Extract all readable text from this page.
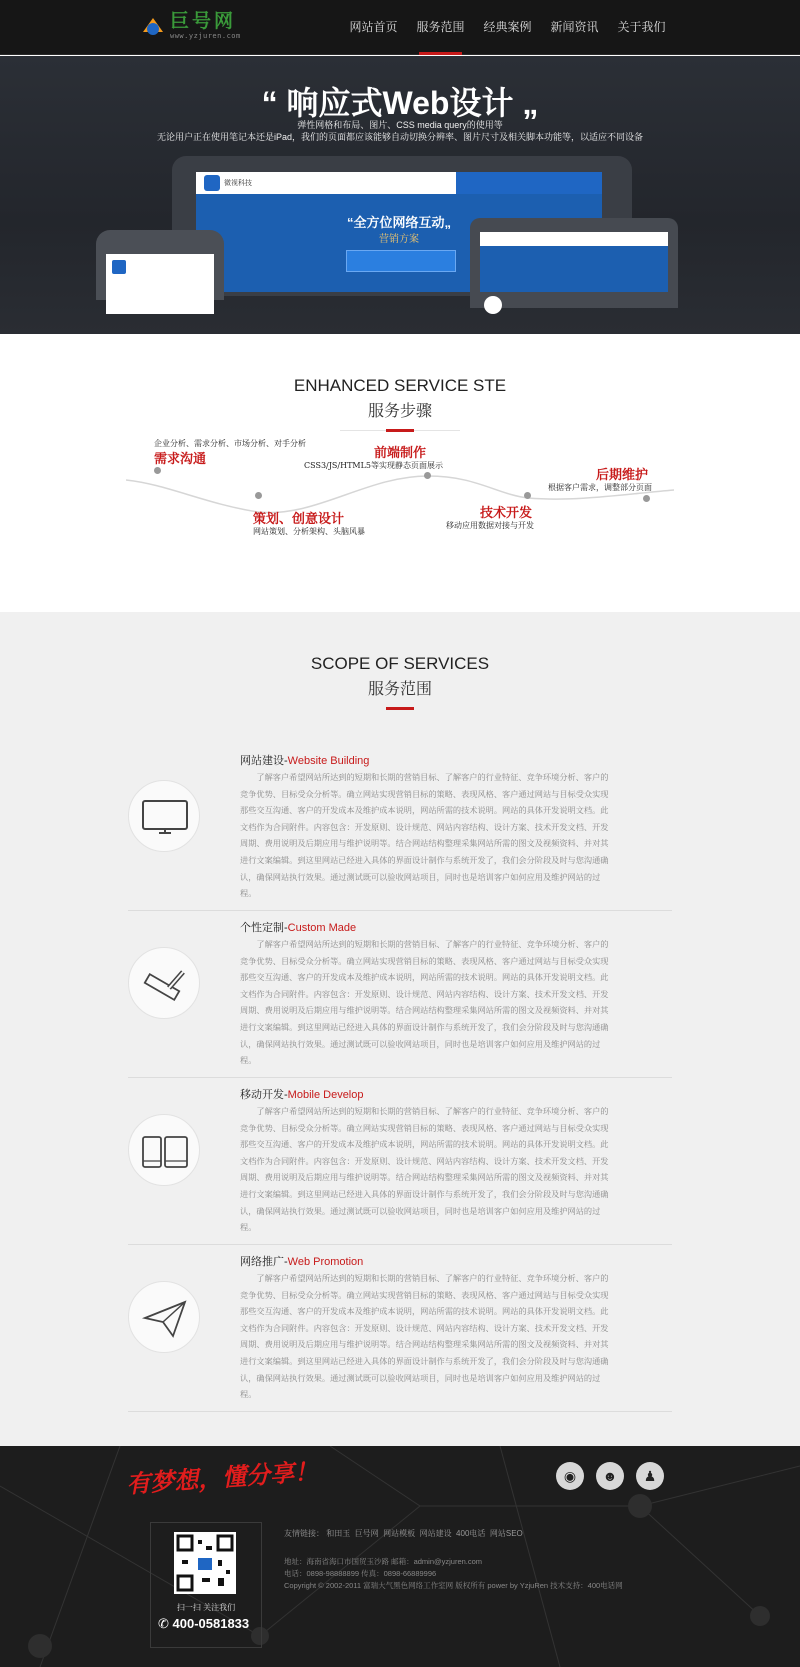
巨号网
www.yzjuren.com
网站首页	服务范围	经典案例	新闻资讯	关于我们
“ 响应式Web设计 „
弹性网格和布局、图片、CSS media query的使用等
无论用户正在使用笔记本还是iPad，我们的页面都应该能够自动切换分辨率、图片尺寸及相关脚本功能等，以适应不同设备
微视科技
“全方位网络互动„
营销方案
ENHANCED SERVICE STE
服务步骤
企业分析、需求分析、市场分析、对手分析
需求沟通
策划、创意设计
网站策划、分析架构、头脑风暴
前端制作
CSS3/JS/HTML5等实现静态页面展示
技术开发
移动应用数据对接与开发
后期维护
根据客户需求，调整部分页面
SCOPE OF SERVICES
服务范围
网站建设-Website Building
了解客户希望网站所达到的短期和长期的营销目标、了解客户的行业特征、竞争环境分析、客户的竞争优势、目标受众分析等。确立网站实现营销目标的策略、表现风格、客户通过网站与目标受众实现那些交互沟通、客户的开发成本及维护成本说明，网站所需的技术说明。网站的具体开发说明文档。此文档作为合同附件。内容包含：开发原则、设计规范、网站内容结构、设计方案、技术开发文档、开发周期、费用说明及后期应用与维护说明等。结合网站结构整理采集网站所需的图文及视频资料、并对其进行文案编辑。到这里网站已经进入具体的界面设计制作与系统开发了，我们会分阶段及时与您沟通确认，确保网站执行效果。通过测试既可以验收网站项目，同时也是培训客户如何应用及维护网站的过程。
个性定制-Custom Made
了解客户希望网站所达到的短期和长期的营销目标、了解客户的行业特征、竞争环境分析、客户的竞争优势、目标受众分析等。确立网站实现营销目标的策略、表现风格、客户通过网站与目标受众实现那些交互沟通、客户的开发成本及维护成本说明，网站所需的技术说明。网站的具体开发说明文档。此文档作为合同附件。内容包含：开发原则、设计规范、网站内容结构、设计方案、技术开发文档、开发周期、费用说明及后期应用与维护说明等。结合网站结构整理采集网站所需的图文及视频资料、并对其进行文案编辑。到这里网站已经进入具体的界面设计制作与系统开发了，我们会分阶段及时与您沟通确认，确保网站执行效果。通过测试既可以验收网站项目，同时也是培训客户如何应用及维护网站的过程。
移动开发-Mobile Develop
了解客户希望网站所达到的短期和长期的营销目标、了解客户的行业特征、竞争环境分析、客户的竞争优势、目标受众分析等。确立网站实现营销目标的策略、表现风格、客户通过网站与目标受众实现那些交互沟通、客户的开发成本及维护成本说明，网站所需的技术说明。网站的具体开发说明文档。此文档作为合同附件。内容包含：开发原则、设计规范、网站内容结构、设计方案、技术开发文档、开发周期、费用说明及后期应用与维护说明等。结合网站结构整理采集网站所需的图文及视频资料、并对其进行文案编辑。到这里网站已经进入具体的界面设计制作与系统开发了，我们会分阶段及时与您沟通确认，确保网站执行效果。通过测试既可以验收网站项目，同时也是培训客户如何应用及维护网站的过程。
网络推广-Web Promotion
了解客户希望网站所达到的短期和长期的营销目标、了解客户的行业特征、竞争环境分析、客户的竞争优势、目标受众分析等。确立网站实现营销目标的策略、表现风格、客户通过网站与目标受众实现那些交互沟通、客户的开发成本及维护成本说明，网站所需的技术说明。网站的具体开发说明文档。此文档作为合同附件。内容包含：开发原则、设计规范、网站内容结构、设计方案、技术开发文档、开发周期、费用说明及后期应用与维护说明等。结合网站结构整理采集网站所需的图文及视频资料、并对其进行文案编辑。到这里网站已经进入具体的界面设计制作与系统开发了，我们会分阶段及时与您沟通确认，确保网站执行效果。通过测试既可以验收网站项目，同时也是培训客户如何应用及维护网站的过程。
有梦想，懂分享！	◉	☻	♟
扫一扫 关注我们
✆ 400-0581833
友情链接： 和田玉 巨号网 网站模板 网站建设 400电话 网站SEO
地址：海南省海口市国贸玉沙路 邮箱：admin@yzjuren.com
电话：0898-98888899 传真：0898-66889996
Copyright © 2002-2011 富瑞大气黑色网络工作室网 版权所有 power by YzjuRen 技术支持：400电话网
